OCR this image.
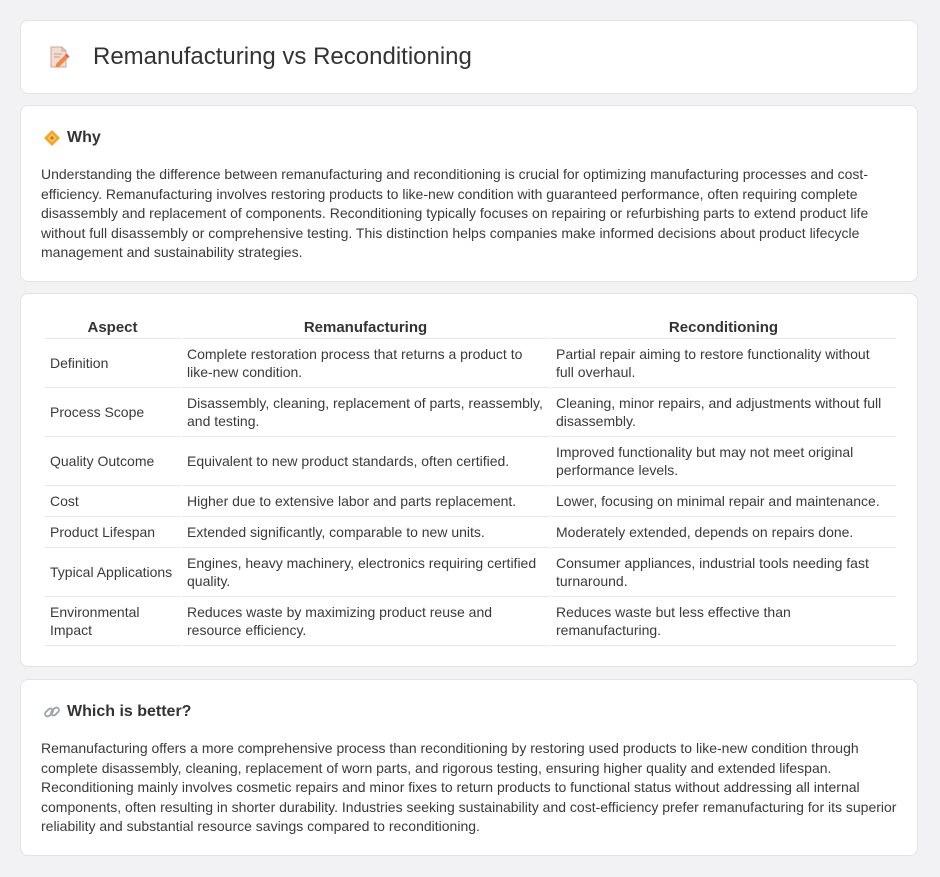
Remanufacturing vs Reconditioning
Why

Understanding the difference between remanufacturing and reconditioning is crucial for optimizing manufacturing processes and cost-efficiency. Remanufacturing involves restoring products to like-new condition with guaranteed performance, often requiring complete disassembly and replacement of components. Reconditioning typically focuses on repairing or refurbishing parts to extend product life without full disassembly or comprehensive testing. This distinction helps companies make informed decisions about product lifecycle management and sustainability strategies.

Aspect	Remanufacturing	Reconditioning
Definition	Complete restoration process that returns a product to like-new condition.	Partial repair aiming to restore functionality without full overhaul.
Process Scope	Disassembly, cleaning, replacement of parts, reassembly, and testing.	Cleaning, minor repairs, and adjustments without full disassembly.
Quality Outcome	Equivalent to new product standards, often certified.	Improved functionality but may not meet original performance levels.
Cost	Higher due to extensive labor and parts replacement.	Lower, focusing on minimal repair and maintenance.
Product Lifespan	Extended significantly, comparable to new units.	Moderately extended, depends on repairs done.
Typical Applications	Engines, heavy machinery, electronics requiring certified quality.	Consumer appliances, industrial tools needing fast turnaround.
Environmental Impact	Reduces waste by maximizing product reuse and resource efficiency.	Reduces waste but less effective than remanufacturing.
Which is better?

Remanufacturing offers a more comprehensive process than reconditioning by restoring used products to like-new condition through complete disassembly, cleaning, replacement of worn parts, and rigorous testing, ensuring higher quality and extended lifespan. Reconditioning mainly involves cosmetic repairs and minor fixes to return products to functional status without addressing all internal components, often resulting in shorter durability. Industries seeking sustainability and cost-efficiency prefer remanufacturing for its superior reliability and substantial resource savings compared to reconditioning.
